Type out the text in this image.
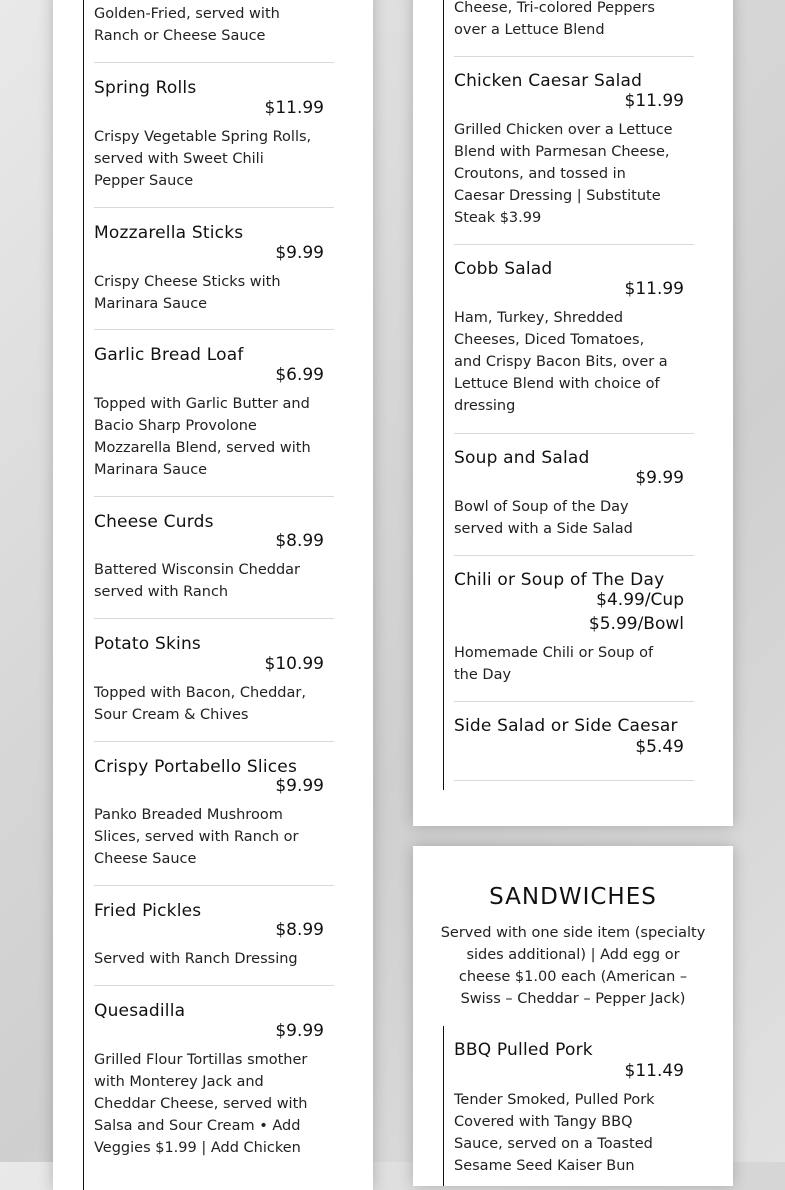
Golden-Fried, served with Ranch or Cheese Sauce
Spring Rolls
$11.99
Crispy Vegetable Spring Rolls, served with Sweet Chili Pepper Sauce
Mozzarella Sticks
$9.99
Crispy Cheese Sticks with Marinara Sauce
Garlic Bread Loaf
$6.99
Topped with Garlic Butter and Bacio Sharp Provolone Mozzarella Blend, served with Marinara Sauce
Cheese Curds
$8.99
Battered Wisconsin Cheddar served with Ranch
Potato Skins
$10.99
Topped with Bacon, Cheddar, Sour Cream & Chives
Crispy Portabello Slices
$9.99
Panko Breaded Mushroom Slices, served with Ranch or Cheese Sauce
Fried Pickles
$8.99
Served with Ranch Dressing
Quesadilla
$9.99
Grilled Flour Tortillas smother with Monterey Jack and Cheddar Cheese, served with Salsa and Sour Cream • Add Veggies $1.99 | Add Chicken
Cheese, Tri-colored Peppers over a Lettuce Blend
Chicken Caesar Salad
$11.99
Grilled Chicken over a Lettuce Blend with Parmesan Cheese, Croutons, and tossed in Caesar Dressing | Substitute Steak $3.99
Cobb Salad
$11.99
Ham, Turkey, Shredded Cheeses, Diced Tomatoes, and Crispy Bacon Bits, over a Lettuce Blend with choice of dressing
Soup and Salad
$9.99
Bowl of Soup of the Day served with a Side Salad
Chili or Soup of The Day
$4.99/Cup
$5.99/Bowl
Homemade Chili or Soup of the Day
Side Salad or Side Caesar
$5.49
SANDWICHES
Served with one side item (specialty sides additional) | Add egg or cheese $1.00 each (American – Swiss – Cheddar – Pepper Jack)
BBQ Pulled Pork
$11.49
Tender Smoked, Pulled Pork Covered with Tangy BBQ Sauce, served on a Toasted Sesame Seed Kaiser Bun
